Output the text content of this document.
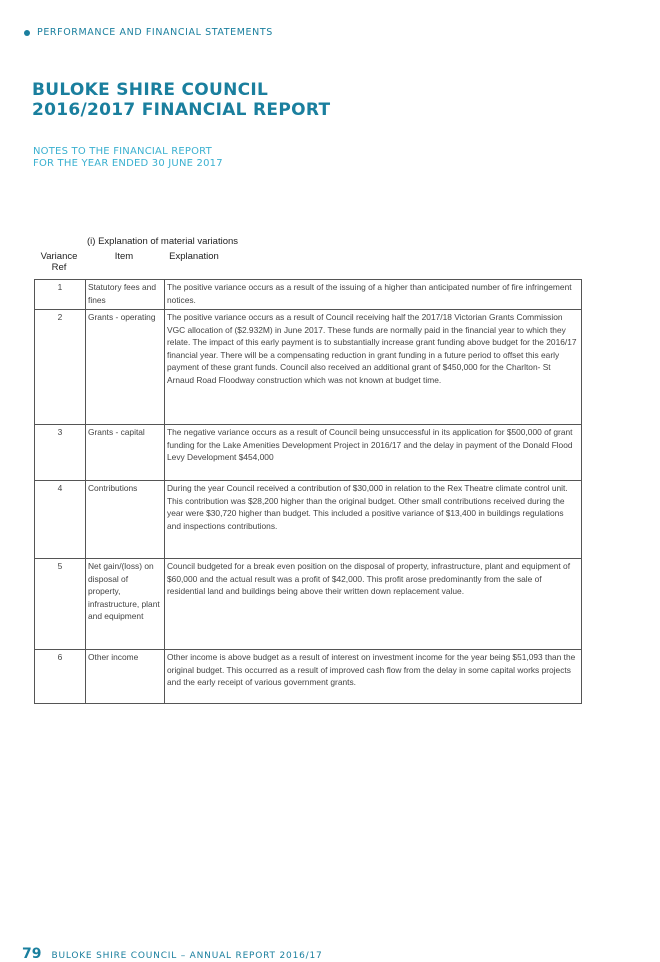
PERFORMANCE AND FINANCIAL STATEMENTS
BULOKE SHIRE COUNCIL
2016/2017 FINANCIAL REPORT
NOTES TO THE FINANCIAL REPORT
FOR THE YEAR ENDED 30 JUNE 2017
(i) Explanation of material variations
Variance
Ref
Item	Explanation
1	Statutory fees and fines	The positive variance occurs as a result of the issuing of a higher than anticipated number of fire infringement notices.
2	Grants - operating	The positive variance occurs as a result of Council receiving half the 2017/18 Victorian Grants Commission VGC allocation of ($2.932M) in June 2017. These funds are normally paid in the financial year to which they relate. The impact of this early payment is to substantially increase grant funding above budget for the 2016/17 financial year. There will be a compensating reduction in grant funding in a future period to offset this early payment of these grant funds. Council also received an additional grant of $450,000 for the Charlton- St Arnaud Road Floodway construction which was not known at budget time.
3	Grants - capital	The negative variance occurs as a result of Council being unsuccessful in its application for $500,000 of grant funding for the Lake Amenities Development Project in 2016/17 and the delay in payment of the Donald Flood Levy Development $454,000
4	Contributions	During the year Council received a contribution of $30,000 in relation to the Rex Theatre climate control unit. This contribution was $28,200 higher than the original budget. Other small contributions received during the year were $30,720 higher than budget. This included a positive variance of $13,400 in buildings regulations and inspections contributions.
5	Net gain/(loss) on disposal of property, infrastructure, plant and equipment	Council budgeted for a break even position on the disposal of property, infrastructure, plant and equipment of $60,000 and the actual result was a profit of $42,000. This profit arose predominantly from the sale of residential land and buildings being above their written down replacement value.
6	Other income	Other income is above budget as a result of interest on investment income for the year being $51,093 than the original budget. This occurred as a result of improved cash flow from the delay in some capital works projects and the early receipt of various government grants.
79 BULOKE SHIRE COUNCIL – ANNUAL REPORT 2016/17
